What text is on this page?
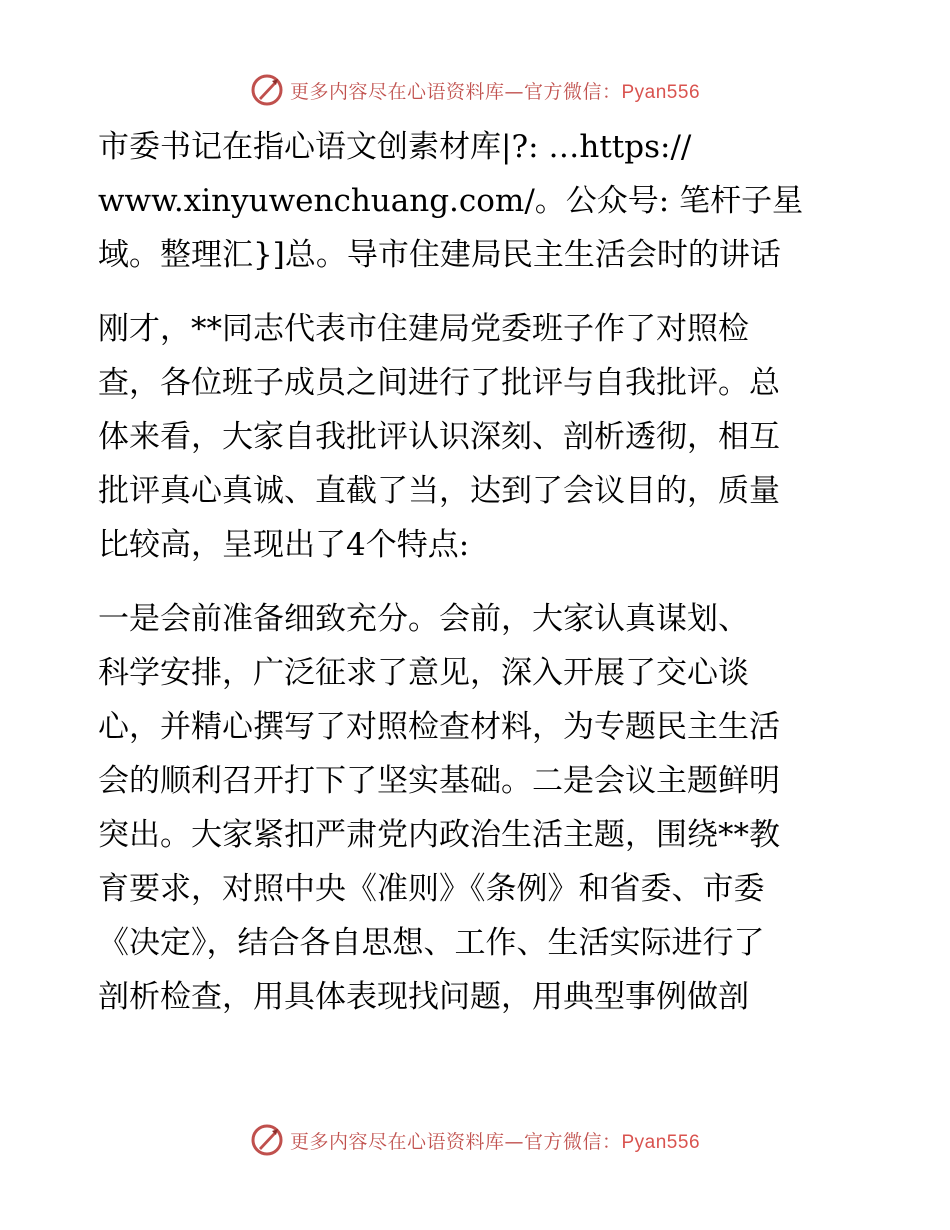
更多内容尽在心语资料库—官方微信：Pyan556
市委书记在指心语文创素材库|?: …https://
www.xinyuwenchuang.com/。公众号: 笔杆子星
域。整理汇}]总。导市住建局民主生活会时的讲话
刚才，**同志代表市住建局党委班子作了对照检
查，各位班子成员之间进行了批评与自我批评。总
体来看，大家自我批评认识深刻、剖析透彻，相互
批评真心真诚、直截了当，达到了会议目的，质量
比较高，呈现出了4个特点:
一是会前准备细致充分。会前，大家认真谋划、
科学安排，广泛征求了意见，深入开展了交心谈
心，并精心撰写了对照检查材料，为专题民主生活
会的顺利召开打下了坚实基础。二是会议主题鲜明
突出。大家紧扣严肃党内政治生活主题，围绕**教
育要求，对照中央《准则》《条例》和省委、市委
《决定》，结合各自思想、工作、生活实际进行了
剖析检查，用具体表现找问题，用典型事例做剖
更多内容尽在心语资料库—官方微信：Pyan556
